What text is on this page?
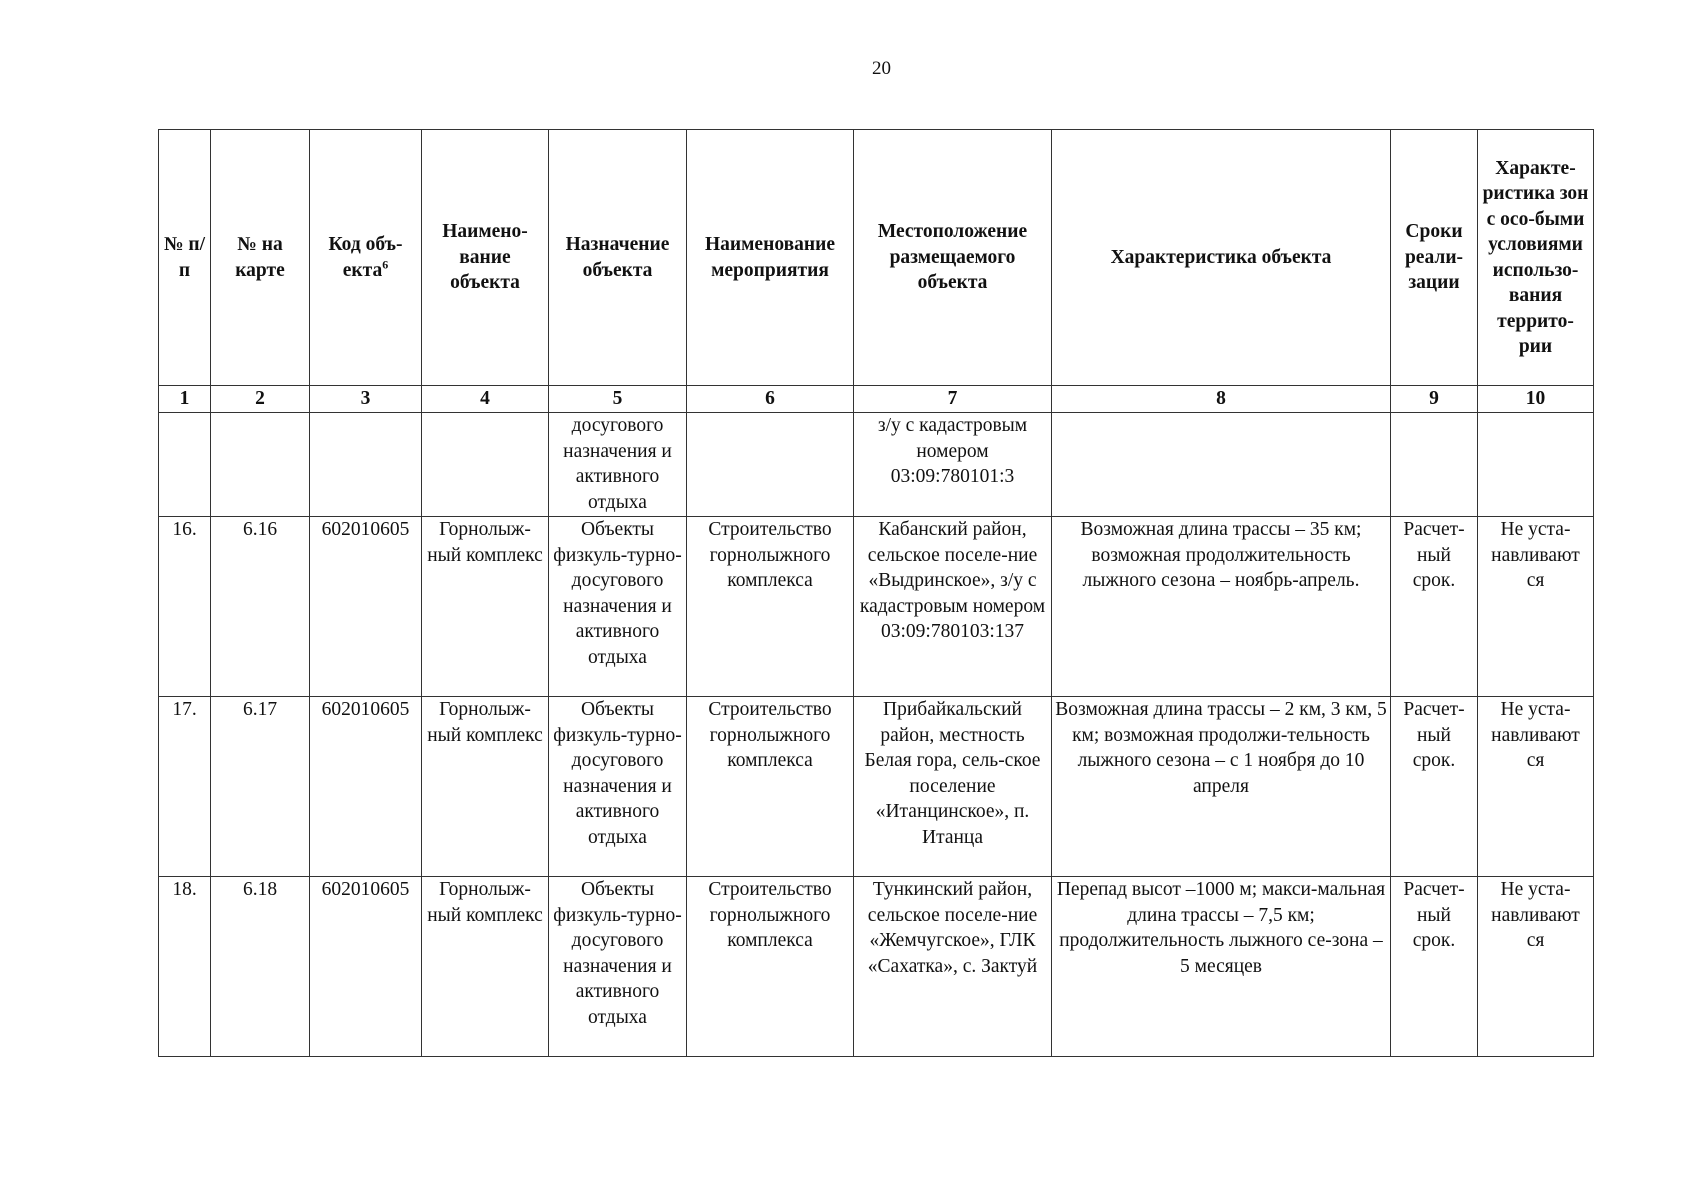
20
№ п/п	№ на карте	Код объ-екта$^6$	Наимено-вание объекта	Назначение объекта	Наименование мероприятия	Местоположение размещаемого объекта	Характеристика объекта	Сроки реали-зации	Характе-ристика зон с осо-быми условиями использо-вания террито-рии
1	2	3	4	5	6	7	8	9	10
				досугового назначения и активного отдыха		з/у с кадастровым номером 03:09:780101:3			
16.	6.16	602010605	Горнолыж-ный комплекс	Объекты физкуль-турно-досугового назначения и активного отдыха	Строительство горнолыжного комплекса	Кабанский район, сельское поселе-ние «Выдринское», з/у с кадастровым номером 03:09:780103:137	Возможная длина трассы – 35 км; возможная продолжительность лыжного сезона – ноябрь-апрель.	Расчет-ный срок.	Не уста-навливают ся
17.	6.17	602010605	Горнолыж-ный комплекс	Объекты физкуль-турно-досугового назначения и активного отдыха	Строительство горнолыжного комплекса	Прибайкальский район, местность Белая гора, сель-ское поселение «Итанцинское», п. Итанца	Возможная длина трассы – 2 км, 3 км, 5 км; возможная продолжи-тельность лыжного сезона – с 1 ноября до 10 апреля	Расчет-ный срок.	Не уста-навливают ся
18.	6.18	602010605	Горнолыж-ный комплекс	Объекты физкуль-турно-досугового назначения и активного отдыха	Строительство горнолыжного комплекса	Тункинский район, сельское поселе-ние «Жемчугское», ГЛК «Сахатка», с. Зактуй	Перепад высот –1000 м; макси-мальная длина трассы – 7,5 км; продолжительность лыжного се-зона – 5 месяцев	Расчет-ный срок.	Не уста-навливают ся
